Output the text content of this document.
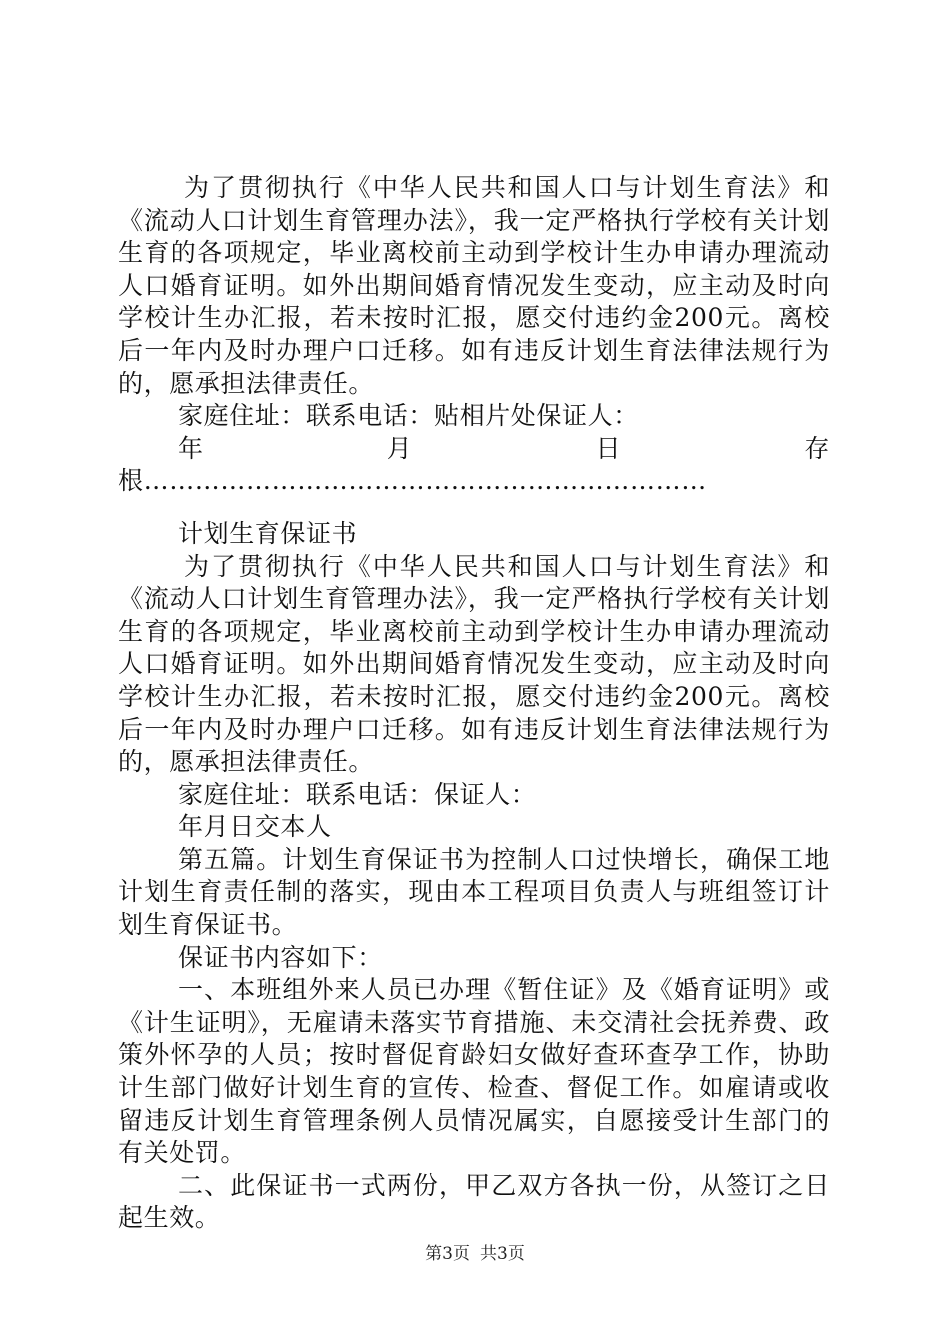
为了贯彻执行《中华人民共和国人口与计划生育法》和《流动人口计划生育管理办法》，我一定严格执行学校有关计划生育的各项规定，毕业离校前主动到学校计生办申请办理流动人口婚育证明。如外出期间婚育情况发生变动，应主动及时向学校计生办汇报，若未按时汇报，愿交付违约金200元。离校后一年内及时办理户口迁移。如有违反计划生育法律法规行为的，愿承担法律责任。

家庭住址：联系电话：贴相片处保证人：

年月日存根…………………………………………………………

计划生育保证书

为了贯彻执行《中华人民共和国人口与计划生育法》和《流动人口计划生育管理办法》，我一定严格执行学校有关计划生育的各项规定，毕业离校前主动到学校计生办申请办理流动人口婚育证明。如外出期间婚育情况发生变动，应主动及时向学校计生办汇报，若未按时汇报，愿交付违约金200元。离校后一年内及时办理户口迁移。如有违反计划生育法律法规行为的，愿承担法律责任。

家庭住址：联系电话：保证人：

年月日交本人

第五篇。计划生育保证书为控制人口过快增长，确保工地计划生育责任制的落实，现由本工程项目负责人与班组签订计划生育保证书。

保证书内容如下：

一、本班组外来人员已办理《暂住证》及《婚育证明》或《计生证明》，无雇请未落实节育措施、未交清社会抚养费、政策外怀孕的人员；按时督促育龄妇女做好查环查孕工作，协助计生部门做好计划生育的宣传、检查、督促工作。如雇请或收留违反计划生育管理条例人员情况属实，自愿接受计生部门的有关处罚。

二、此保证书一式两份，甲乙双方各执一份，从签订之日起生效。

第3页 共3页
